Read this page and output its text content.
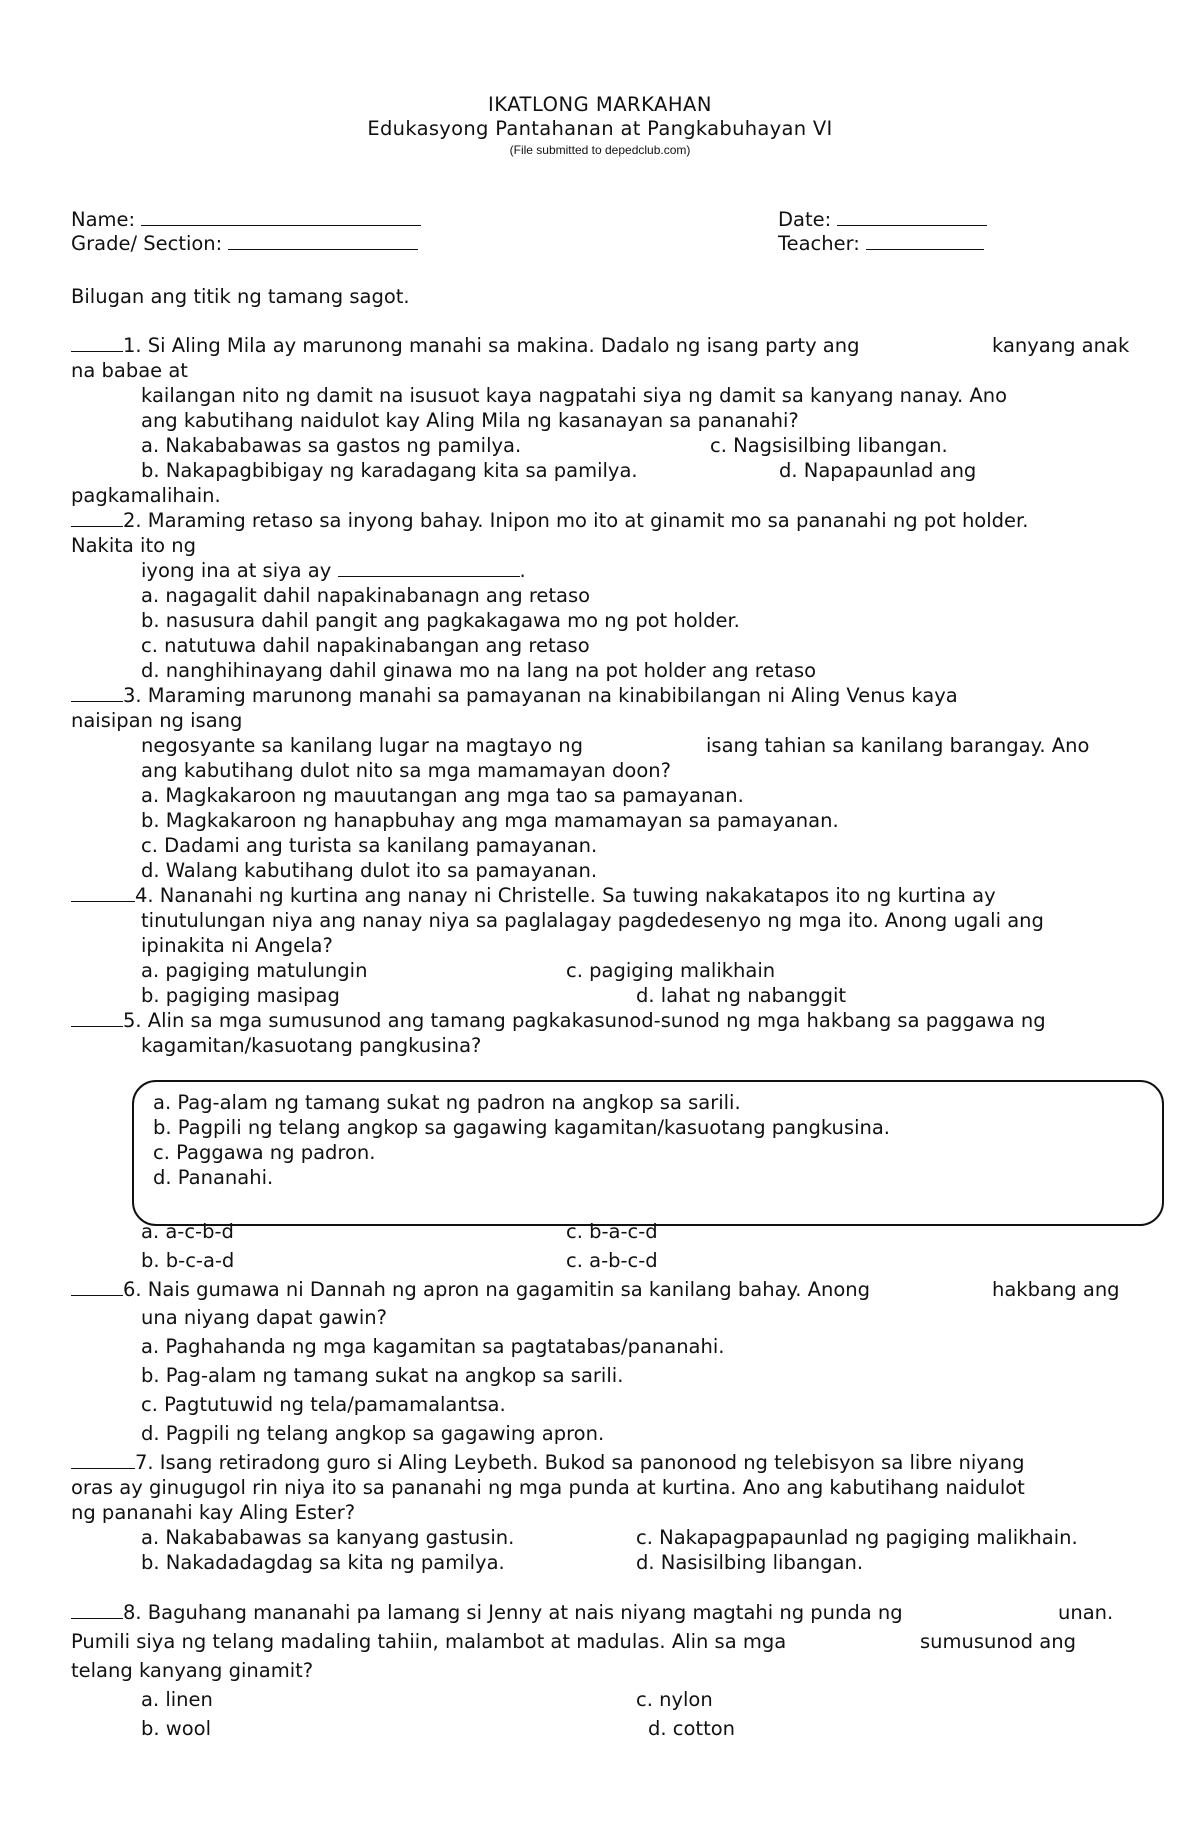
IKATLONG MARKAHAN
Edukasyong Pantahanan at Pangkabuhayan VI
(File submitted to depedclub.com)
Name:	Date:
Grade/ Section:	Teacher:
Bilugan ang titik ng tamang sagot.
1. Si Aling Mila ay marunong manahi sa makina. Dadalo ng isang party ang	kanyang anak
na babae at
kailangan nito ng damit na isusuot kaya nagpatahi siya ng damit sa kanyang nanay. Ano
ang kabutihang naidulot kay Aling Mila ng kasanayan sa pananahi?
a. Nakababawas sa gastos ng pamilya.	c. Nagsisilbing libangan.
b. Nakapagbibigay ng karadagang kita sa pamilya.	d. Napapaunlad ang
pagkamalihain.
2. Maraming retaso sa inyong bahay. Inipon mo ito at ginamit mo sa pananahi ng pot holder.
Nakita ito ng
iyong ina at siya ay	.
a. nagagalit dahil napakinabanagn ang retaso
b. nasusura dahil pangit ang pagkakagawa mo ng pot holder.
c. natutuwa dahil napakinabangan ang retaso
d. nanghihinayang dahil ginawa mo na lang na pot holder ang retaso
3. Maraming marunong manahi sa pamayanan na kinabibilangan ni Aling Venus kaya
naisipan ng isang
negosyante sa kanilang lugar na magtayo ng	isang tahian sa kanilang barangay. Ano
ang kabutihang dulot nito sa mga mamamayan doon?
a. Magkakaroon ng mauutangan ang mga tao sa pamayanan.
b. Magkakaroon ng hanapbuhay ang mga mamamayan sa pamayanan.
c. Dadami ang turista sa kanilang pamayanan.
d. Walang kabutihang dulot ito sa pamayanan.
4. Nananahi ng kurtina ang nanay ni Christelle. Sa tuwing nakakatapos ito ng kurtina ay
tinutulungan niya ang nanay niya sa paglalagay pagdedesenyo ng mga ito. Anong ugali ang
ipinakita ni Angela?
a. pagiging matulungin	c. pagiging malikhain
b. pagiging masipag	d. lahat ng nabanggit
5. Alin sa mga sumusunod ang tamang pagkakasunod-sunod ng mga hakbang sa paggawa ng
kagamitan/kasuotang pangkusina?
a. Pag-alam ng tamang sukat ng padron na angkop sa sarili.
b. Pagpili ng telang angkop sa gagawing kagamitan/kasuotang pangkusina.
c. Paggawa ng padron.
d. Pananahi.
a. a-c-b-d	c. b-a-c-d
b. b-c-a-d	c. a-b-c-d
6. Nais gumawa ni Dannah ng apron na gagamitin sa kanilang bahay. Anong	hakbang ang
una niyang dapat gawin?
a. Paghahanda ng mga kagamitan sa pagtatabas/pananahi.
b. Pag-alam ng tamang sukat na angkop sa sarili.
c. Pagtutuwid ng tela/pamamalantsa.
d. Pagpili ng telang angkop sa gagawing apron.
7. Isang retiradong guro si Aling Leybeth. Bukod sa panonood ng telebisyon sa libre niyang
oras ay ginugugol rin niya ito sa pananahi ng mga punda at kurtina. Ano ang kabutihang naidulot
ng pananahi kay Aling Ester?
a. Nakababawas sa kanyang gastusin.	c. Nakapagpapaunlad ng pagiging malikhain.
b. Nakadadagdag sa kita ng pamilya.	d. Nasisilbing libangan.
8. Baguhang mananahi pa lamang si Jenny at nais niyang magtahi ng punda ng	unan.
Pumili siya ng telang madaling tahiin, malambot at madulas. Alin sa mga	sumusunod ang
telang kanyang ginamit?
a. linen	c. nylon
b. wool	d. cotton
